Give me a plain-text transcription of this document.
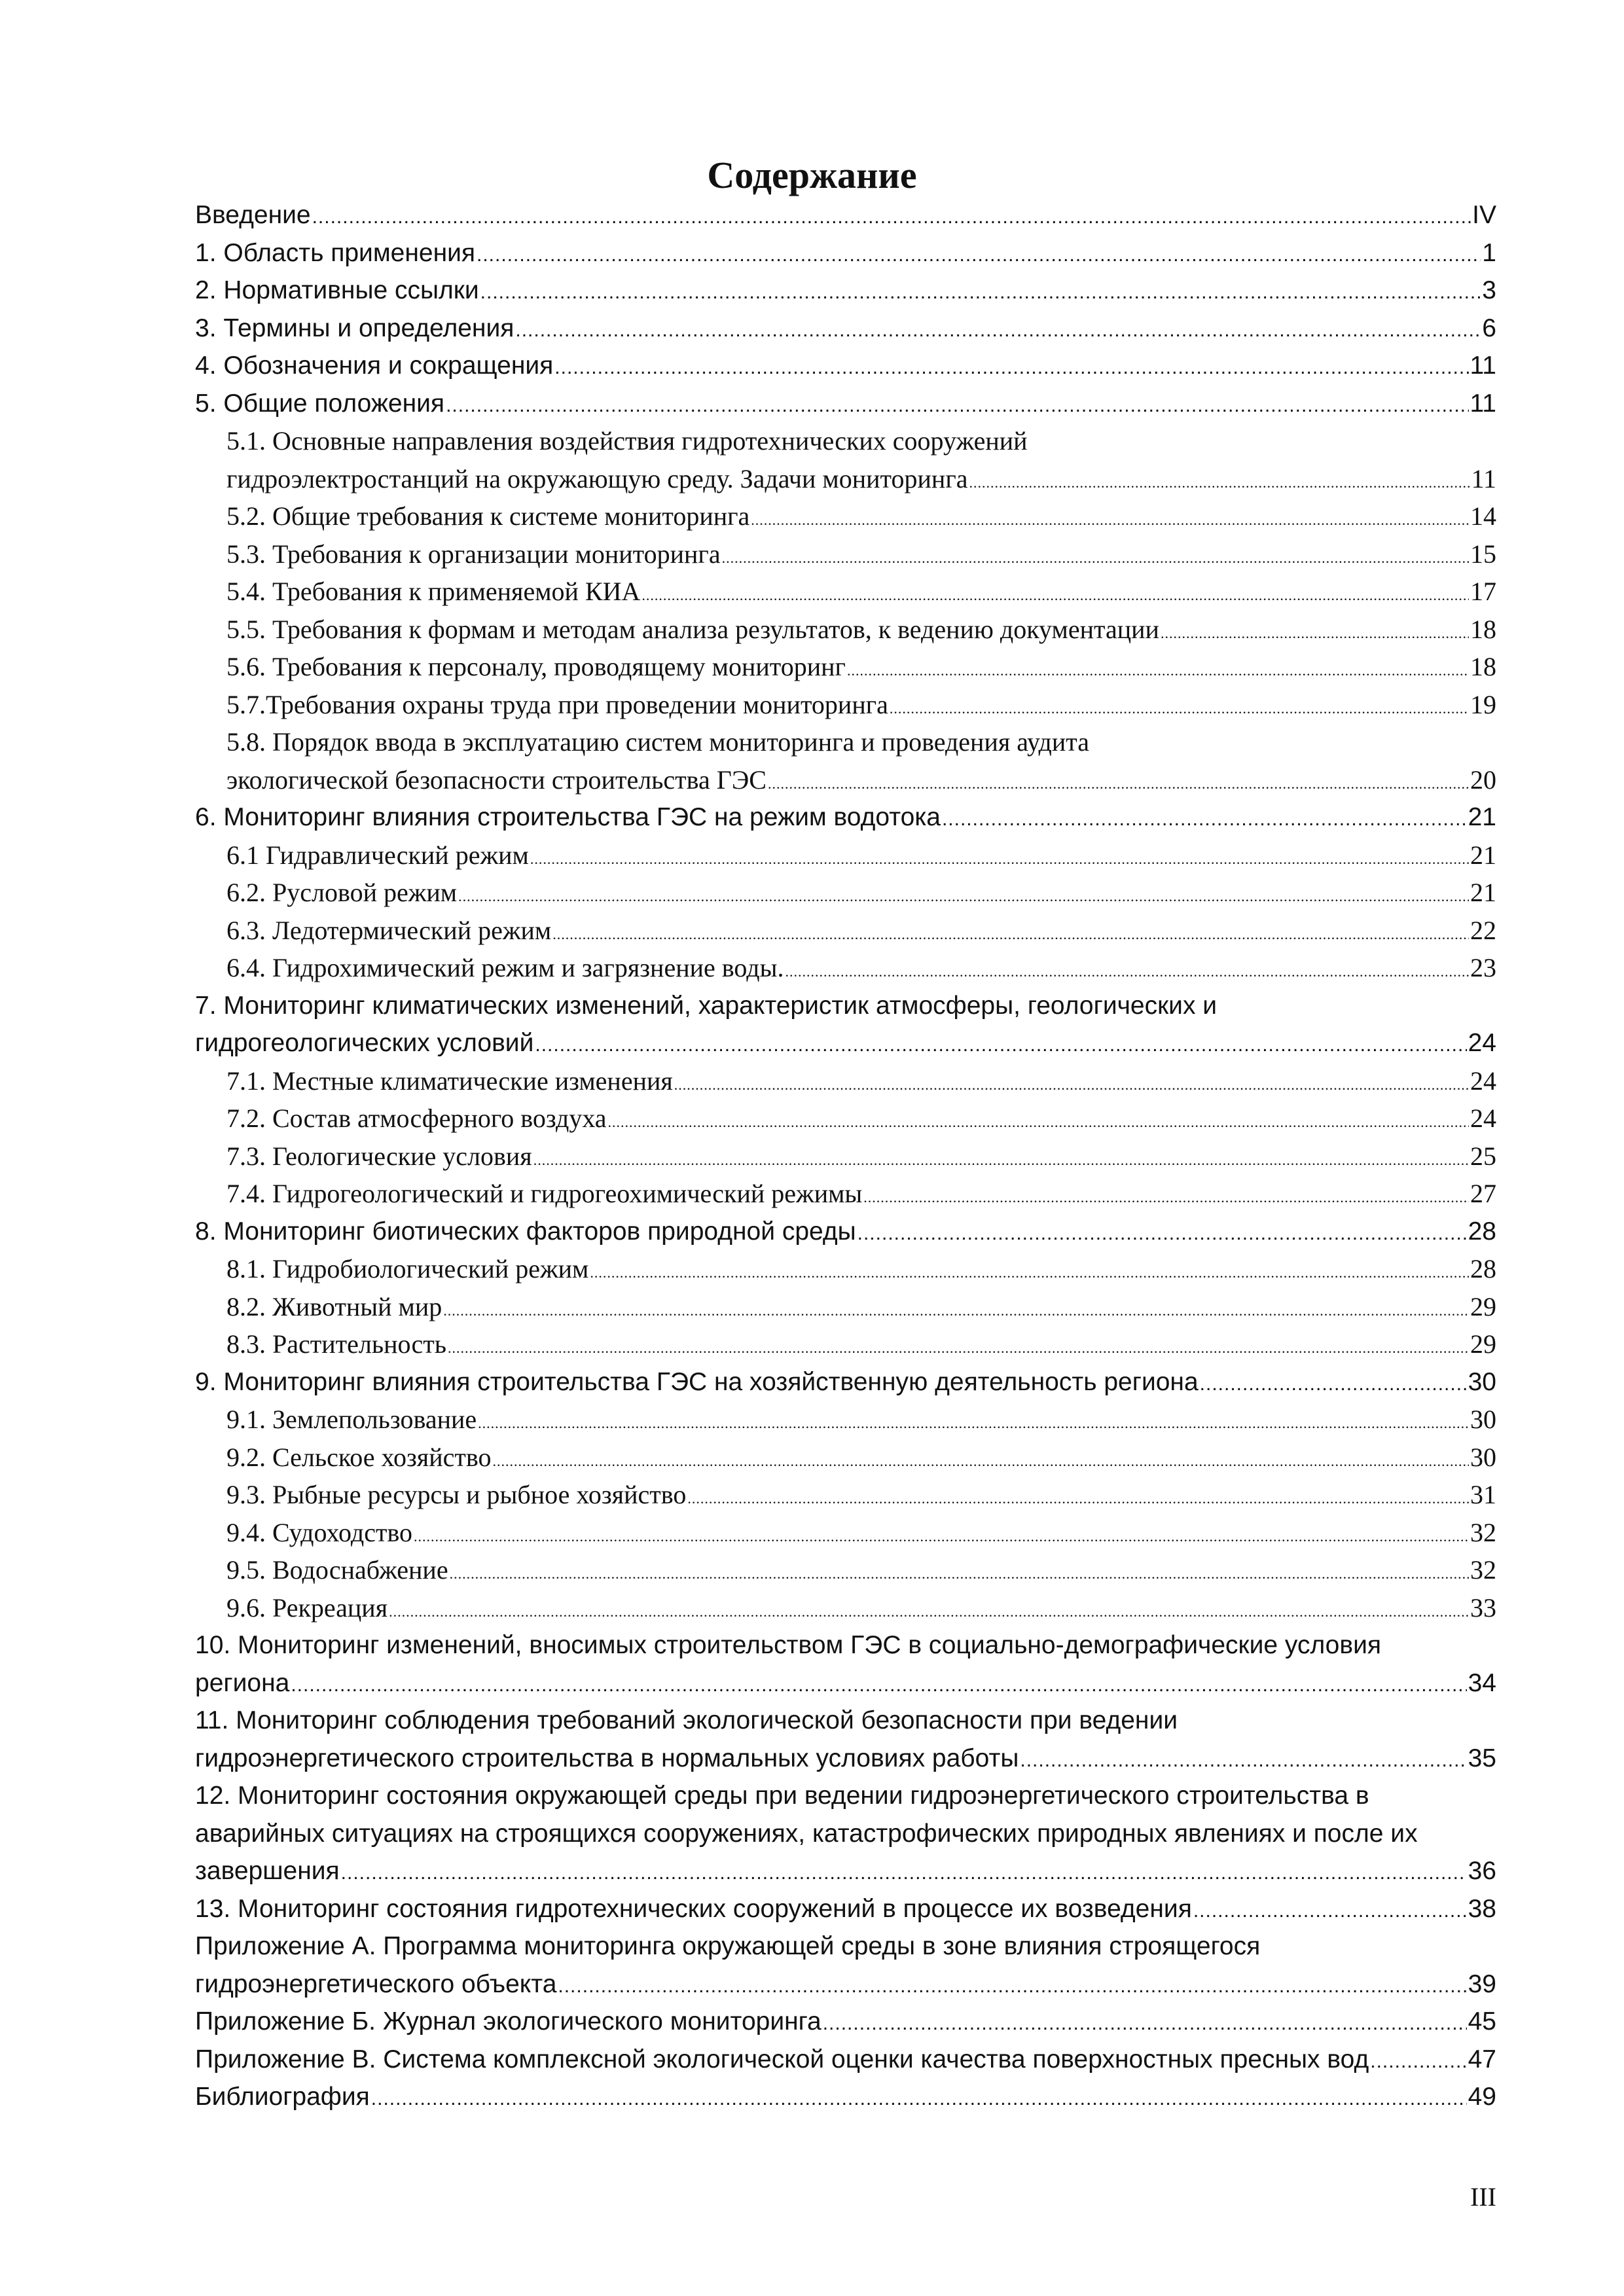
Содержание
Введение .....	IV
1. Область применения .....	1
2. Нормативные ссылки .....	3
3. Термины и определения .....	6
4. Обозначения и сокращения .....	11
5. Общие положения .....	11
5.1. Основные направления воздействия гидротехнических сооружений
гидроэлектростанций на окружающую среду. Задачи мониторинга .....	11
5.2. Общие требования к системе мониторинга .....	14
5.3. Требования к организации мониторинга .....	15
5.4. Требования к применяемой КИА .....	17
5.5. Требования к формам и методам анализа результатов, к ведению документации .....	18
5.6. Требования к персоналу, проводящему мониторинг .....	18
5.7.Требования охраны труда при проведении мониторинга .....	19
5.8. Порядок ввода в эксплуатацию систем мониторинга и проведения аудита
экологической безопасности строительства ГЭС .....	20
6. Мониторинг влияния строительства ГЭС на режим водотока .....	21
6.1 Гидравлический режим .....	21
6.2. Русловой режим .....	21
6.3. Ледотермический режим .....	22
6.4. Гидрохимический режим и загрязнение воды. .....	23
7. Мониторинг климатических изменений, характеристик атмосферы, геологических и
гидрогеологических условий .....	24
7.1. Местные климатические изменения .....	24
7.2. Состав атмосферного воздуха .....	24
7.3. Геологические условия .....	25
7.4. Гидрогеологический и гидрогеохимический режимы .....	27
8. Мониторинг биотических факторов природной среды .....	28
8.1. Гидробиологический режим .....	28
8.2. Животный мир .....	29
8.3. Растительность .....	29
9. Мониторинг влияния строительства ГЭС на хозяйственную деятельность региона .....	30
9.1. Землепользование .....	30
9.2. Сельское хозяйство .....	30
9.3. Рыбные ресурсы и рыбное хозяйство .....	31
9.4. Судоходство .....	32
9.5. Водоснабжение .....	32
9.6. Рекреация .....	33
10. Мониторинг изменений, вносимых строительством ГЭС в социально-демографические условия
региона .....	34
11. Мониторинг соблюдения требований экологической безопасности при ведении
гидроэнергетического строительства в нормальных условиях работы .....	35
12. Мониторинг состояния окружающей среды при ведении гидроэнергетического строительства в
аварийных ситуациях на строящихся сооружениях, катастрофических природных явлениях и после их
завершения .....	36
13. Мониторинг состояния гидротехнических сооружений в процессе их возведения .....	38
Приложение А. Программа мониторинга окружающей среды в зоне влияния строящегося
гидроэнергетического объекта .....	39
Приложение Б. Журнал экологического мониторинга .....	45
Приложение В. Система комплексной экологической оценки качества поверхностных пресных вод .....	47
Библиография .....	49
III
